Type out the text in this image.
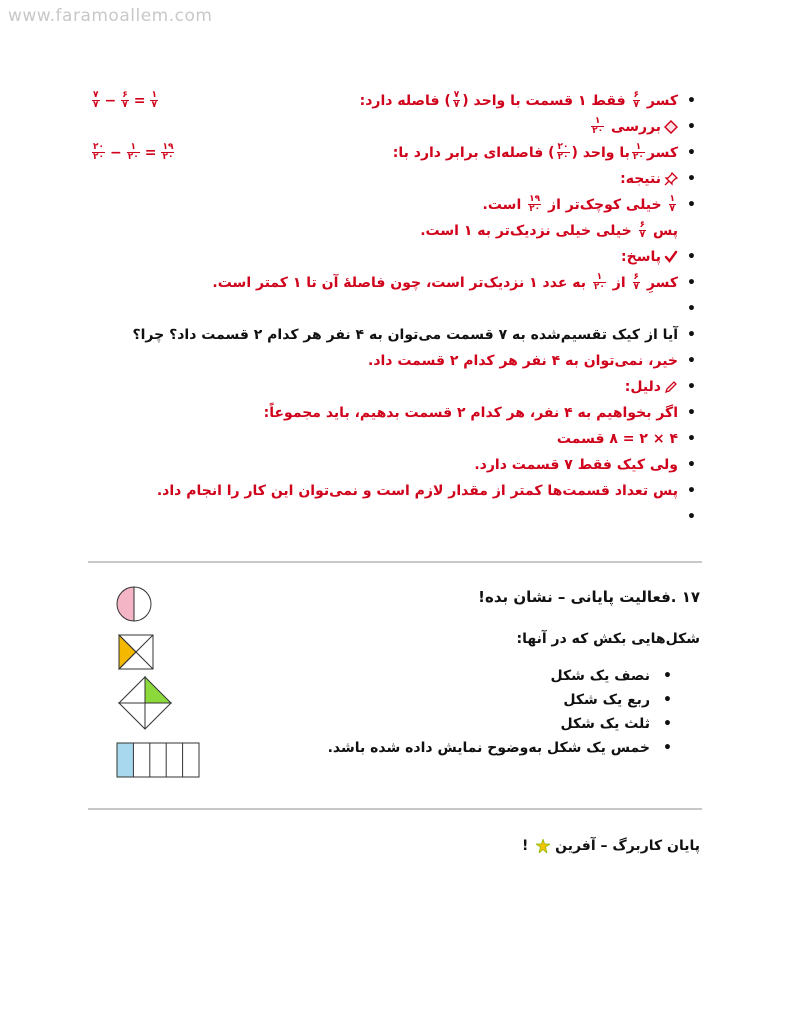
www.faramoallem.com
• کسر
$\frac{۶}{۷}$
فقط ۱ قسمت با واحد (
$\frac{۷}{۷}$
) فاصله دارد:
$\frac{۷}{۷} - \frac{۶}{۷} = \frac{۱}{۷}$
• بررسی
$\frac{۱}{۲۰}$
• کسر
$\frac{۱}{۲۰}$
با واحد (
$\frac{۲۰}{۲۰}$
) فاصله‌ای برابر دارد با:
$\frac{۲۰}{۲۰} - \frac{۱}{۲۰} = \frac{۱۹}{۲۰}$
• نتیجه:
• $\frac{۱}{۷}$
خیلی کوچک‌تر از
$\frac{۱۹}{۲۰}$
است.
پس
$\frac{۶}{۷}$
خیلی خیلی نزدیک‌تر به ۱ است.
• پاسخ:
• کسرِ
$\frac{۶}{۷}$
از
$\frac{۱}{۲۰}$
به عدد ۱ نزدیک‌تر است، چون فاصلهٔ آن تا ۱ کمتر است.
•
• آیا از کیک تقسیم‌شده به ۷ قسمت می‌توان به ۴ نفر هر کدام ۲ قسمت داد؟ چرا؟
• خیر، نمی‌توان به ۴ نفر هر کدام ۲ قسمت داد.
• دلیل:
• اگر بخواهیم به ۴ نفر، هر کدام ۲ قسمت بدهیم، باید مجموعاً:
• ۴ × ۲ = ۸ قسمت
• ولی کیک فقط ۷ قسمت دارد.
• پس تعداد قسمت‌ها کمتر از مقدار لازم است و نمی‌توان این کار را انجام داد.
•
۱۷ .فعالیت پایانی – نشان بده!
شکل‌هایی بکش که در آنها:
• نصف یک شکل
• ربع یک شکل
• ثلث یک شکل
• خمس یک شکل به‌وضوح نمایش داده شده باشد.
پایان کاربرگ – آفرین  !
